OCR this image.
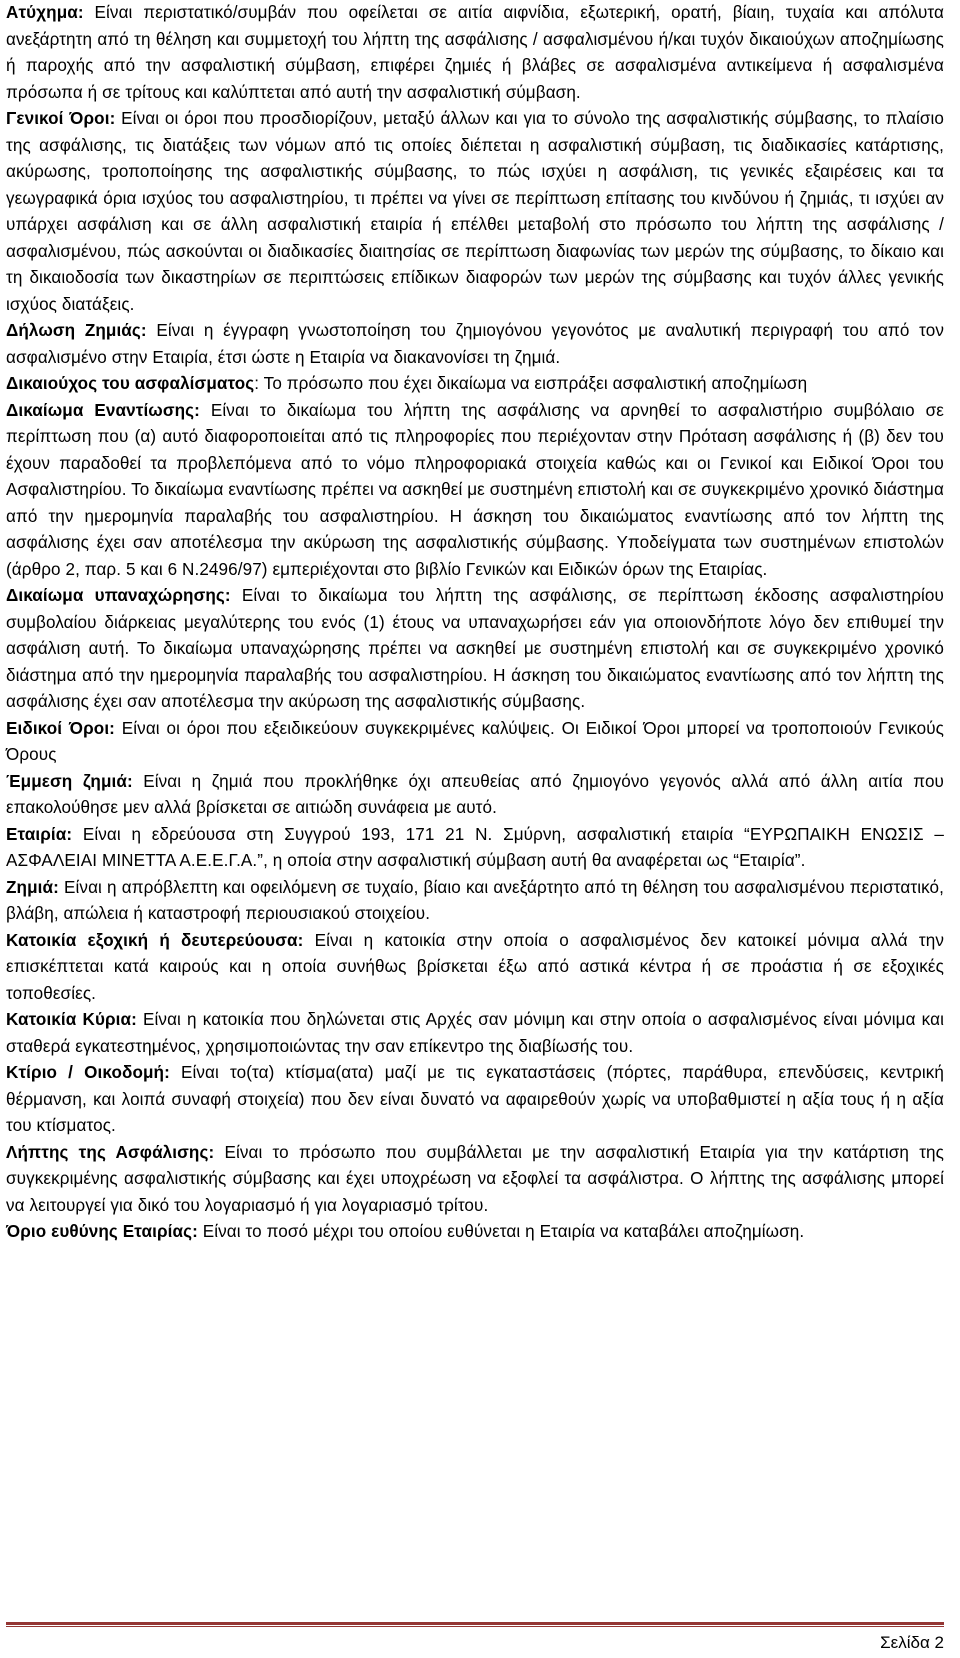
Ατύχημα: Είναι περιστατικό/συμβάν που οφείλεται σε αιτία αιφνίδια, εξωτερική, ορατή, βίαιη, τυχαία και απόλυτα ανεξάρτητη από τη θέληση και συμμετοχή του λήπτη της ασφάλισης / ασφαλισμένου ή/και τυχόν δικαιούχων αποζημίωσης ή παροχής από την ασφαλιστική σύμβαση, επιφέρει ζημιές ή βλάβες σε ασφαλισμένα αντικείμενα ή ασφαλισμένα πρόσωπα ή σε τρίτους και καλύπτεται από αυτή την ασφαλιστική σύμβαση.

Γενικοί Όροι: Είναι οι όροι που προσδιορίζουν, μεταξύ άλλων και για το σύνολο της ασφαλιστικής σύμβασης, το πλαίσιο της ασφάλισης, τις διατάξεις των νόμων από τις οποίες διέπεται η ασφαλιστική σύμβαση, τις διαδικασίες κατάρτισης, ακύρωσης, τροποποίησης της ασφαλιστικής σύμβασης, το πώς ισχύει η ασφάλιση, τις γενικές εξαιρέσεις και τα γεωγραφικά όρια ισχύος του ασφαλιστηρίου, τι πρέπει να γίνει σε περίπτωση επίτασης του κινδύνου ή ζημιάς, τι ισχύει αν υπάρχει ασφάλιση και σε άλλη ασφαλιστική εταιρία ή επέλθει μεταβολή στο πρόσωπο του λήπτη της ασφάλισης / ασφαλισμένου, πώς ασκούνται οι διαδικασίες διαιτησίας σε περίπτωση διαφωνίας των μερών της σύμβασης, το δίκαιο και τη δικαιοδοσία των δικαστηρίων σε περιπτώσεις επίδικων διαφορών των μερών της σύμβασης και τυχόν άλλες γενικής ισχύος διατάξεις.

Δήλωση Ζημιάς: Είναι η έγγραφη γνωστοποίηση του ζημιογόνου γεγονότος με αναλυτική περιγραφή του από τον ασφαλισμένο στην Εταιρία, έτσι ώστε η Εταιρία να διακανονίσει τη ζημιά.

Δικαιούχος του ασφαλίσματος: Το πρόσωπο που έχει δικαίωμα να εισπράξει ασφαλιστική αποζημίωση

Δικαίωμα Εναντίωσης: Είναι το δικαίωμα του λήπτη της ασφάλισης να αρνηθεί το ασφαλιστήριο συμβόλαιο σε περίπτωση που (α) αυτό διαφοροποιείται από τις πληροφορίες που περιέχονταν στην Πρόταση ασφάλισης ή (β) δεν του έχουν παραδοθεί τα προβλεπόμενα από το νόμο πληροφοριακά στοιχεία καθώς και οι Γενικοί και Ειδικοί Όροι του Ασφαλιστηρίου. Το δικαίωμα εναντίωσης πρέπει να ασκηθεί με συστημένη επιστολή και σε συγκεκριμένο χρονικό διάστημα από την ημερομηνία παραλαβής του ασφαλιστηρίου. Η άσκηση του δικαιώματος εναντίωσης από τον λήπτη της ασφάλισης έχει σαν αποτέλεσμα την ακύρωση της ασφαλιστικής σύμβασης. Υποδείγματα των συστημένων επιστολών (άρθρο 2, παρ. 5 και 6 Ν.2496/97) εμπεριέχονται στο βιβλίο Γενικών και Ειδικών όρων της Εταιρίας.

Δικαίωμα υπαναχώρησης: Είναι το δικαίωμα του λήπτη της ασφάλισης, σε περίπτωση έκδοσης ασφαλιστηρίου συμβολαίου διάρκειας μεγαλύτερης του ενός (1) έτους να υπαναχωρήσει εάν για οποιονδήποτε λόγο δεν επιθυμεί την ασφάλιση αυτή. Το δικαίωμα υπαναχώρησης πρέπει να ασκηθεί με συστημένη επιστολή και σε συγκεκριμένο χρονικό διάστημα από την ημερομηνία παραλαβής του ασφαλιστηρίου. Η άσκηση του δικαιώματος εναντίωσης από τον λήπτη της ασφάλισης έχει σαν αποτέλεσμα την ακύρωση της ασφαλιστικής σύμβασης.

Ειδικοί Όροι: Είναι οι όροι που εξειδικεύουν συγκεκριμένες καλύψεις. Οι Ειδικοί Όροι μπορεί να τροποποιούν Γενικούς Όρους

Έμμεση ζημιά: Είναι η ζημιά που προκλήθηκε όχι απευθείας από ζημιογόνο γεγονός αλλά από άλλη αιτία που επακολούθησε μεν αλλά βρίσκεται σε αιτιώδη συνάφεια με αυτό.

Εταιρία: Είναι η εδρεύουσα στη Συγγρού 193, 171 21 Ν. Σμύρνη, ασφαλιστική εταιρία “ΕΥΡΩΠΑΙΚΗ ΕΝΩΣΙΣ – ΑΣΦΑΛΕΙΑΙ ΜΙΝΕΤΤΑ Α.Ε.Ε.Γ.Α.”, η οποία στην ασφαλιστική σύμβαση αυτή θα αναφέρεται ως “Εταιρία”.

Ζημιά: Είναι η απρόβλεπτη και οφειλόμενη σε τυχαίο, βίαιο και ανεξάρτητο από τη θέληση του ασφαλισμένου περιστατικό, βλάβη, απώλεια ή καταστροφή περιουσιακού στοιχείου.

Κατοικία εξοχική ή δευτερεύουσα: Είναι η κατοικία στην οποία ο ασφαλισμένος δεν κατοικεί μόνιμα αλλά την επισκέπτεται κατά καιρούς και η οποία συνήθως βρίσκεται έξω από αστικά κέντρα ή σε προάστια ή σε εξοχικές τοποθεσίες.

Κατοικία Κύρια: Είναι η κατοικία που δηλώνεται στις Αρχές σαν μόνιμη και στην οποία ο ασφαλισμένος είναι μόνιμα και σταθερά εγκατεστημένος, χρησιμοποιώντας την σαν επίκεντρο της διαβίωσής του.

Κτίριο / Οικοδομή: Είναι το(τα) κτίσμα(ατα) μαζί με τις εγκαταστάσεις (πόρτες, παράθυρα, επενδύσεις, κεντρική θέρμανση, και λοιπά συναφή στοιχεία) που δεν είναι δυνατό να αφαιρεθούν χωρίς να υποβαθμιστεί η αξία τους ή η αξία του κτίσματος.

Λήπτης της Ασφάλισης: Είναι το πρόσωπο που συμβάλλεται με την ασφαλιστική Εταιρία για την κατάρτιση της συγκεκριμένης ασφαλιστικής σύμβασης και έχει υποχρέωση να εξοφλεί τα ασφάλιστρα. Ο λήπτης της ασφάλισης μπορεί να λειτουργεί για δικό του λογαριασμό ή για λογαριασμό τρίτου.

Όριο ευθύνης Εταιρίας: Είναι το ποσό μέχρι του οποίου ευθύνεται η Εταιρία να καταβάλει αποζημίωση.

Σελίδα 2
